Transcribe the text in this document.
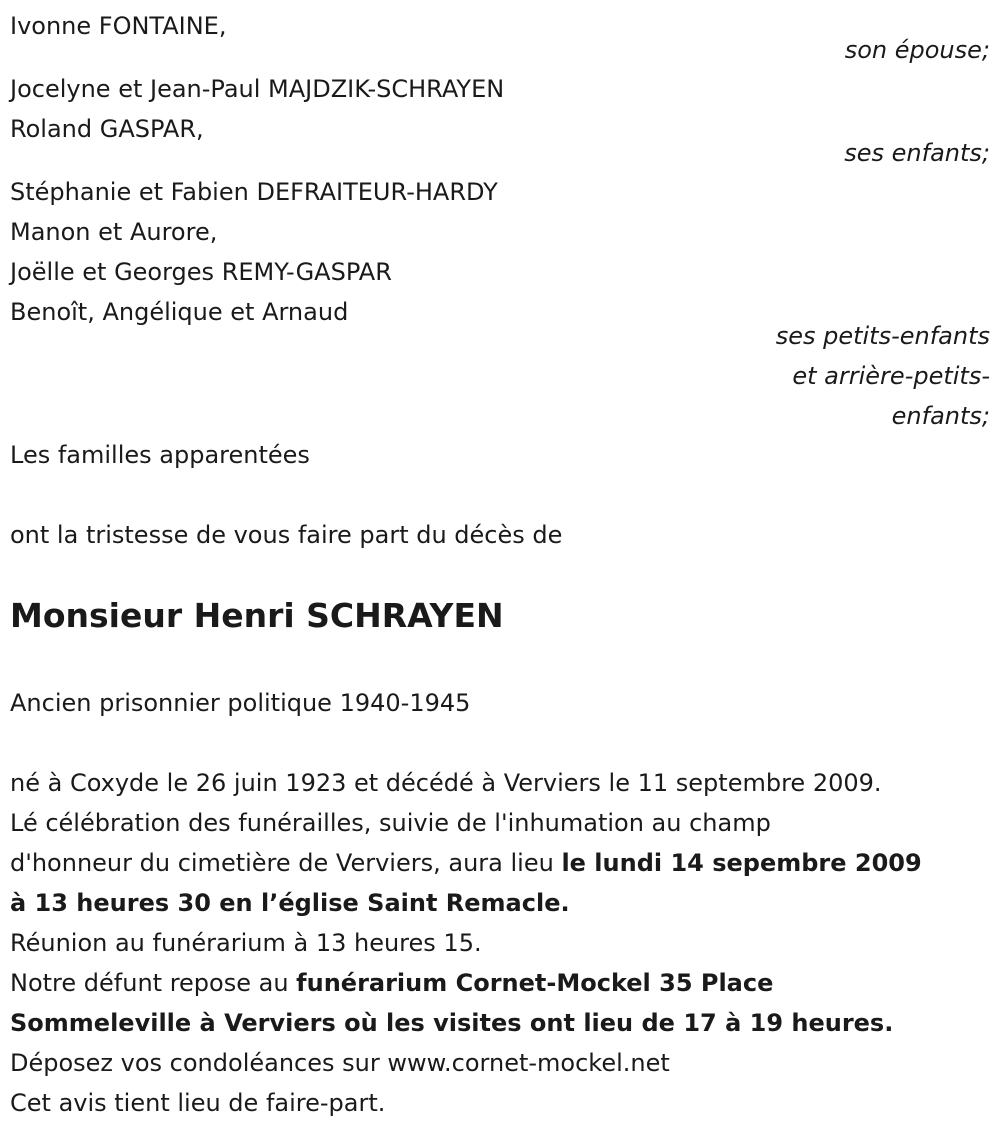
Ivonne FONTAINE,
son épouse;
Jocelyne et Jean-Paul MAJDZIK-SCHRAYEN
Roland GASPAR,
ses enfants;
Stéphanie et Fabien DEFRAITEUR-HARDY
Manon et Aurore,
Joëlle et Georges REMY-GASPAR
Benoît, Angélique et Arnaud
ses petits-enfants
et arrière-petits-
enfants;
Les familles apparentées
ont la tristesse de vous faire part du décès de
Monsieur Henri SCHRAYEN
Ancien prisonnier politique 1940-1945
né à Coxyde le 26 juin 1923 et décédé à Verviers le 11 septembre 2009.
Lé célébration des funérailles, suivie de l'inhumation au champ
d'honneur du cimetière de Verviers, aura lieu le lundi 14 sepembre 2009
à 13 heures 30 en l’église Saint Remacle.
Réunion au funérarium à 13 heures 15.
Notre défunt repose au funérarium Cornet-Mockel 35 Place
Sommeleville à Verviers où les visites ont lieu de 17 à 19 heures.
Déposez vos condoléances sur www.cornet-mockel.net
Cet avis tient lieu de faire-part.
